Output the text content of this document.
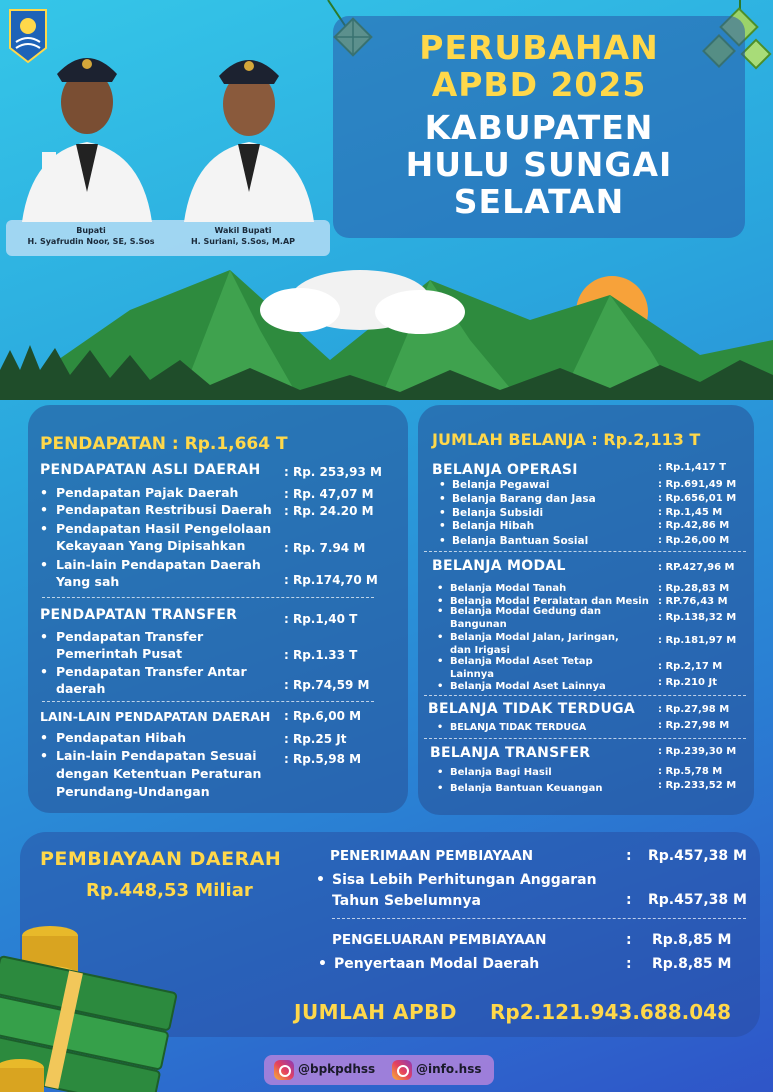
PERUBAHAN
APBD 2025
KABUPATEN
HULU SUNGAI
SELATAN
Bupati
H. Syafrudin Noor, SE, S.Sos
Wakil Bupati
H. Suriani, S.Sos, M.AP
PENDAPATAN : Rp.1,664 T
PENDAPATAN ASLI DAERAH : Rp. 253,93 M
• Pendapatan Pajak Daerah	: Rp. 47,07 M
• Pendapatan Restribusi Daerah : Rp. 24.20 M
• Pendapatan Hasil Pengelolaan
Kekayaan Yang Dipisahkan	: Rp. 7.94 M
• Lain-lain Pendapatan Daerah
Yang sah	: Rp.174,70 M
PENDAPATAN TRANSFER	: Rp.1,40 T
• Pendapatan Transfer
Pemerintah Pusat	: Rp.1.33 T
• Pendapatan Transfer Antar
daerah	: Rp.74,59 M
LAIN-LAIN PENDAPATAN DAERAH : Rp.6,00 M
• Pendapatan Hibah	: Rp.25 Jt
• Lain-lain Pendapatan Sesuai
dengan Ketentuan Peraturan
Perundang-Undangan
: Rp.5,98 M
JUMLAH BELANJA : Rp.2,113 T
BELANJA OPERASI	: Rp.1,417 T
• Belanja Pegawai	: Rp.691,49 M
• Belanja Barang dan Jasa	: Rp.656,01 M
• Belanja Subsidi	: Rp.1,45 M
• Belanja Hibah	: Rp.42,86 M
• Belanja Bantuan Sosial	: Rp.26,00 M
BELANJA MODAL	: RP.427,96 M
• Belanja Modal Tanah	: Rp.28,83 M
• Belanja Modal Peralatan dan Mesin : RP.76,43 M
• Belanja Modal Gedung dan
Bangunan
: Rp.138,32 M
• Belanja Modal Jalan, Jaringan,
dan Irigasi
: Rp.181,97 M
• Belanja Modal Aset Tetap
Lainnya
: Rp.2,17 M
• Belanja Modal Aset Lainnya	: Rp.210 Jt
BELANJA TIDAK TERDUGA : Rp.27,98 M
• BELANJA TIDAK TERDUGA	: Rp.27,98 M
BELANJA TRANSFER	: Rp.239,30 M
• Belanja Bagi Hasil	: Rp.5,78 M
• Belanja Bantuan Keuangan	: Rp.233,52 M
PEMBIAYAAN DAERAH
Rp.448,53 Miliar
PENERIMAAN PEMBIAYAAN	: Rp.457,38 M
• Sisa Lebih Perhitungan Anggaran
Tahun Sebelumnya	: Rp.457,38 M
PENGELUARAN PEMBIAYAAN	: Rp.8,85 M
• Penyertaan Modal Daerah	: Rp.8,85 M
JUMLAH APBD Rp2.121.943.688.048
@bpkpdhss	@info.hss
